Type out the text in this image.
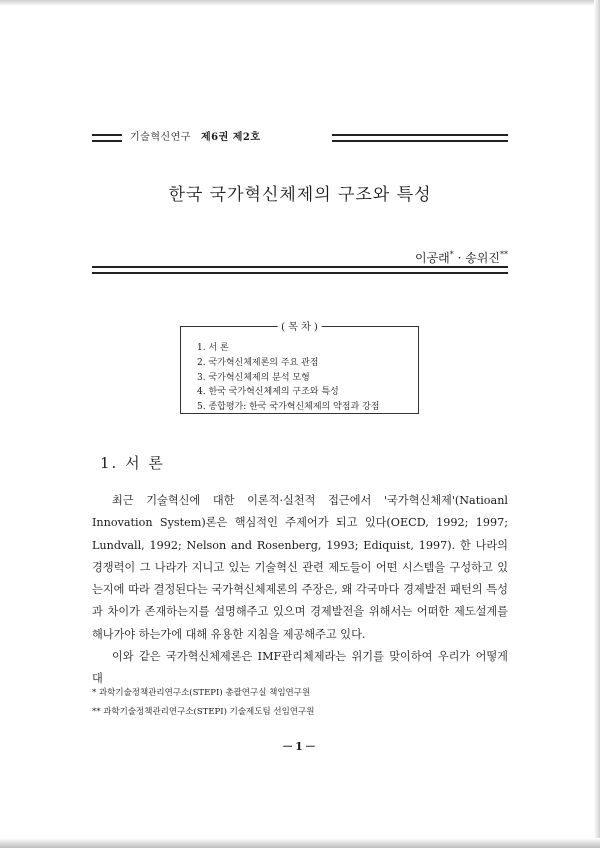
기술혁신연구 제6권 제2호
한국 국가혁신체제의 구조와 특성
이공래* · 송위진**
( 목 차 )
1. 서 론
2. 국가혁신체제론의 주요 관점
3. 국가혁신체제의 분석 모형
4. 한국 국가혁신체제의 구조와 특성
5. 종합평가: 한국 국가혁신체제의 약점과 강점
1. 서 론
최근 기술혁신에 대한 이론적·실천적 접근에서 '국가혁신체제'(Natioanl Innovation System)론은 핵심적인 주제어가 되고 있다(OECD, 1992; 1997; Lundvall, 1992; Nelson and Rosenberg, 1993; Ediquist, 1997). 한 나라의 경쟁력이 그 나라가 지니고 있는 기술혁신 관련 제도들이 어떤 시스템을 구성하고 있는지에 따라 결정된다는 국가혁신체제론의 주장은, 왜 각국마다 경제발전 패턴의 특성과 차이가 존재하는지를 설명해주고 있으며 경제발전을 위해서는 어떠한 제도설계를 해나가야 하는가에 대해 유용한 지침을 제공해주고 있다.
이와 같은 국가혁신체제론은 IMF관리체제라는 위기를 맞이하여 우리가 어떻게 대
* 과학기술정책관리연구소(STEPI) 총괄연구실 책임연구원
** 과학기술정책관리연구소(STEPI) 기술제도팀 선임연구원
－1－
